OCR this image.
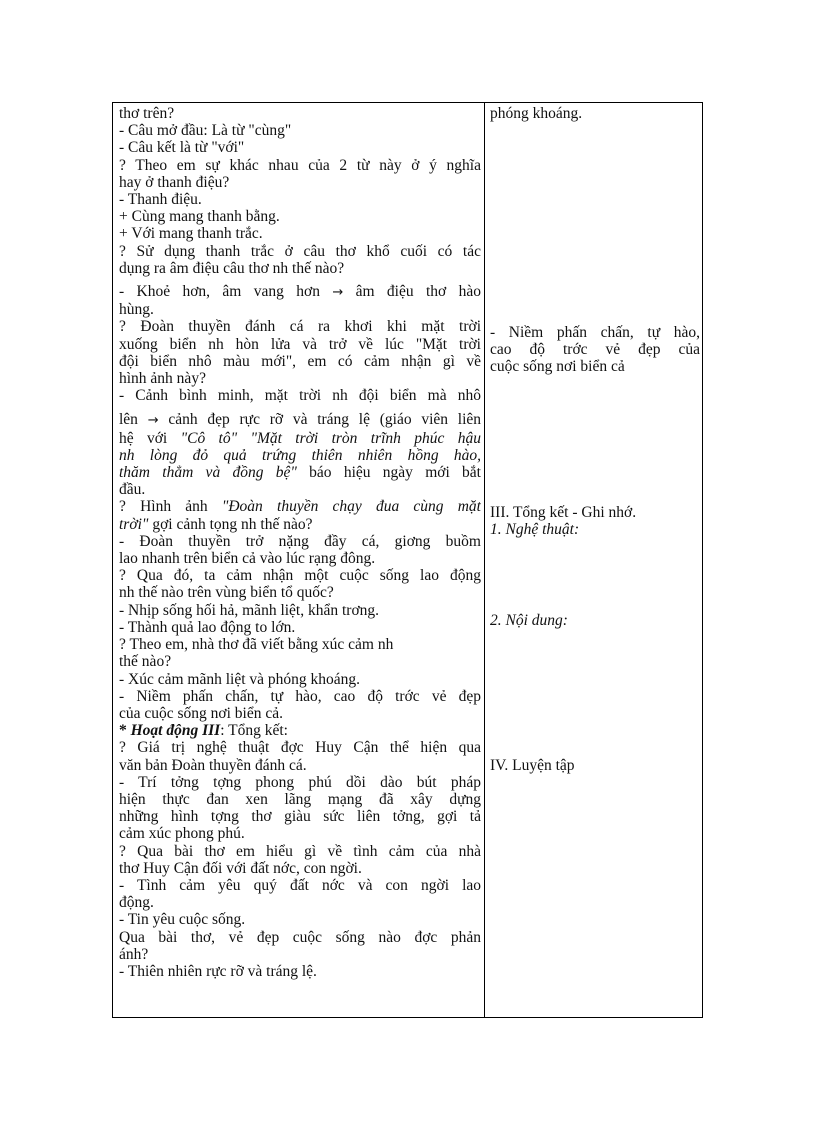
thơ trên?
- Câu mở đầu: Là từ "cùng"
- Câu kết là từ "với"
? Theo em sự khác nhau của 2 từ này ở ý nghĩa
hay ở thanh điệu?
- Thanh điệu.
+ Cùng mang thanh bằng.
+ Với mang thanh trắc.
? Sử dụng thanh trắc ở câu thơ khổ cuối có tác
dụng ra âm điệu câu thơ nh thế nào?
- Khoẻ hơn, âm vang hơn → âm điệu thơ hào
hùng.
? Đoàn thuyền đánh cá ra khơi khi mặt trời
xuống biển nh hòn lửa và trở về lúc "Mặt trời
đội biển nhô màu mới", em có cảm nhận gì về
hình ảnh này?
- Cảnh bình minh, mặt trời nh đội biển mà nhô
lên → cảnh đẹp rực rỡ và tráng lệ (giáo viên liên
hệ với "Cô tô" "Mặt trời tròn trĩnh phúc hậu
nh lòng đỏ quả trứng thiên nhiên hồng hào,
thăm thẳm và đồng bệ" báo hiệu ngày mới bắt
đầu.
? Hình ảnh "Đoàn thuyền chạy đua cùng mặt
trời" gợi cảnh tọng nh thế nào?
- Đoàn thuyền trở nặng đầy cá, giơng buồm
lao nhanh trên biển cả vào lúc rạng đông.
? Qua đó, ta cảm nhận một cuộc sống lao động
nh thế nào trên vùng biển tổ quốc?
- Nhịp sống hối hả, mãnh liệt, khẩn trơng.
- Thành quả lao động to lớn.
? Theo em, nhà thơ đã viết bằng xúc cảm nh
thế nào?
- Xúc cảm mãnh liệt và phóng khoáng.
- Niềm phấn chấn, tự hào, cao độ trớc vẻ đẹp
của cuộc sống nơi biển cả.
* Hoạt động III: Tổng kết:
? Giá trị nghệ thuật đợc Huy Cận thể hiện qua
văn bản Đoàn thuyền đánh cá.
- Trí tởng tợng phong phú dồi dào bút pháp
hiện thực đan xen lãng mạng đã xây dựng
những hình tợng thơ giàu sức liên tởng, gợi tả
cảm xúc phong phú.
? Qua bài thơ em hiểu gì về tình cảm của nhà
thơ Huy Cận đối với đất nớc, con ngời.
- Tình cảm yêu quý đất nớc và con ngời lao
động.
- Tin yêu cuộc sống.
Qua bài thơ, vẻ đẹp cuộc sống nào đợc phản
ánh?
- Thiên nhiên rực rỡ và tráng lệ.
phóng khoáng.
- Niềm phấn chấn, tự hào,
cao độ trớc vẻ đẹp của
cuộc sống nơi biển cả
III. Tổng kết - Ghi nhớ.
1. Nghệ thuật:
2. Nội dung:
IV. Luyện tập
